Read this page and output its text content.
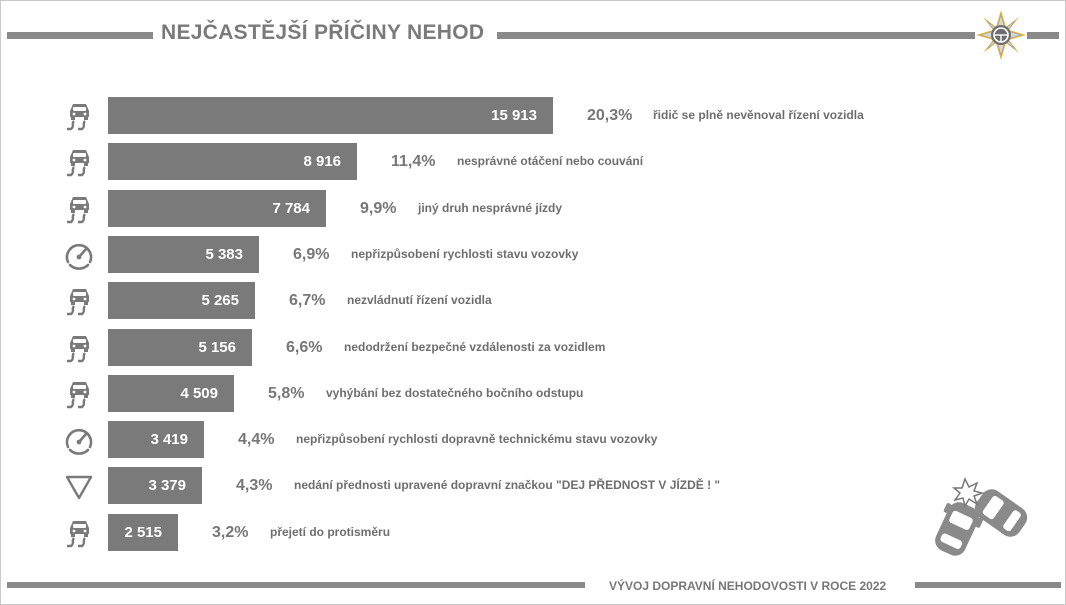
NEJČASTĚJŠÍ PŘÍČINY NEHOD
VÝVOJ DOPRAVNÍ NEHODOVOSTI V ROCE 2022
15 913	20,3% řidič se plně nevěnoval řízení vozidla
8 916	11,4% nesprávné otáčení nebo couvání
7 784	9,9% jiný druh nesprávné jízdy
5 383	6,9% nepřizpůsobení rychlosti stavu vozovky
5 265	6,7% nezvládnutí řízení vozidla
5 156	6,6% nedodržení bezpečné vzdálenosti za vozidlem
4 509	5,8% vyhýbání bez dostatečného bočního odstupu
3 419	4,4% nepřizpůsobení rychlosti dopravně technickému stavu vozovky
3 379	4,3% nedání přednosti upravené dopravní značkou "DEJ PŘEDNOST V JÍZDĚ ! "
2 515	3,2% přejetí do protisměru
